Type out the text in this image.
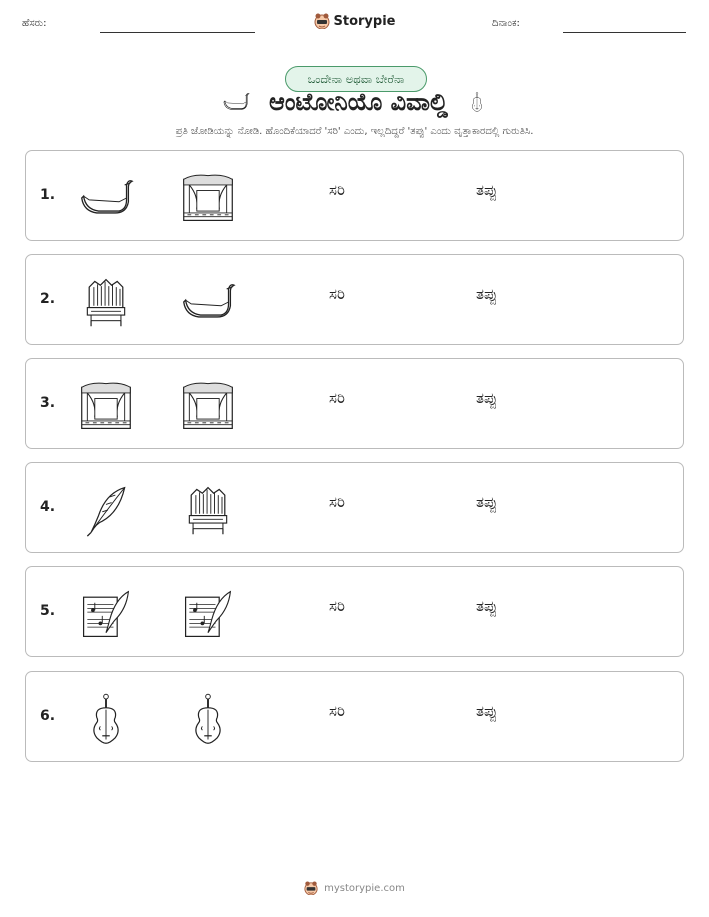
ಹೆಸರು:	Storypie	ದಿನಾಂಕ:
ಒಂದೇನಾ ಅಥವಾ ಬೇರೆನಾ
ಆಂಟೋನಿಯೊ ವಿವಾಲ್ಡಿ
ಪ್ರತಿ ಜೋಡಿಯನ್ನು ನೋಡಿ. ಹೊಂದಿಕೆಯಾದರೆ 'ಸರಿ' ಎಂದು, ಇಲ್ಲದಿದ್ದರೆ 'ತಪ್ಪು' ಎಂದು ವೃತ್ತಾಕಾರದಲ್ಲಿ ಗುರುತಿಸಿ.
1.	ಸರಿ	ತಪ್ಪು
2.	ಸರಿ	ತಪ್ಪು
3.	ಸರಿ	ತಪ್ಪು
4.	ಸರಿ	ತಪ್ಪು
5.	ಸರಿ	ತಪ್ಪು
6.	ಸರಿ	ತಪ್ಪು
mystorypie.com
